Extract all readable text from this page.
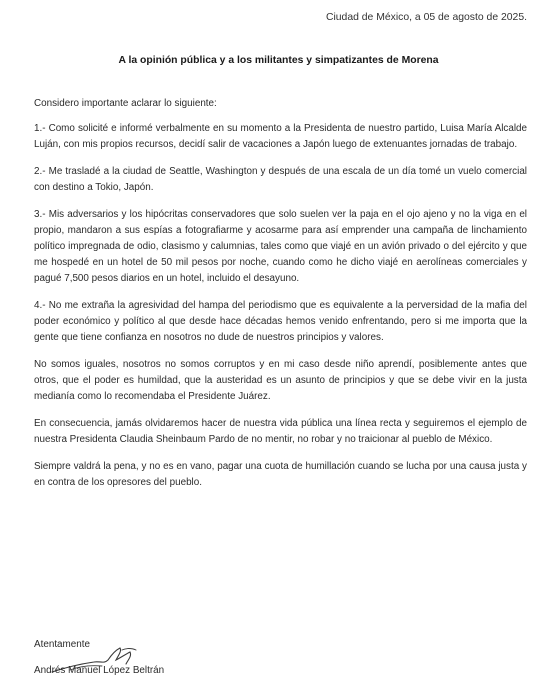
Ciudad de México, a 05 de agosto de 2025.
A la opinión pública y a los militantes y simpatizantes de Morena

Considero importante aclarar lo siguiente:

1.- Como solicité e informé verbalmente en su momento a la Presidenta de nuestro partido, Luisa María Alcalde Luján, con mis propios recursos, decidí salir de vacaciones a Japón luego de extenuantes jornadas de trabajo.

2.- Me trasladé a la ciudad de Seattle, Washington y después de una escala de un día tomé un vuelo comercial con destino a Tokio, Japón.

3.- Mis adversarios y los hipócritas conservadores que solo suelen ver la paja en el ojo ajeno y no la viga en el propio, mandaron a sus espías a fotografiarme y acosarme para así emprender una campaña de linchamiento político impregnada de odio, clasismo y calumnias, tales como que viajé en un avión privado o del ejército y que me hospedé en un hotel de 50 mil pesos por noche, cuando como he dicho viajé en aerolíneas comerciales y pagué 7,500 pesos diarios en un hotel, incluido el desayuno.

4.- No me extraña la agresividad del hampa del periodismo que es equivalente a la perversidad de la mafia del poder económico y político al que desde hace décadas hemos venido enfrentando, pero si me importa que la gente que tiene confianza en nosotros no dude de nuestros principios y valores.

No somos iguales, nosotros no somos corruptos y en mi caso desde niño aprendí, posiblemente antes que otros, que el poder es humildad, que la austeridad es un asunto de principios y que se debe vivir en la justa medianía como lo recomendaba el Presidente Juárez.

En consecuencia, jamás olvidaremos hacer de nuestra vida pública una línea recta y seguiremos el ejemplo de nuestra Presidenta Claudia Sheinbaum Pardo de no mentir, no robar y no traicionar al pueblo de México.

Siempre valdrá la pena, y no es en vano, pagar una cuota de humillación cuando se lucha por una causa justa y en contra de los opresores del pueblo.

Atentamente
Andrés Manuel López Beltrán
